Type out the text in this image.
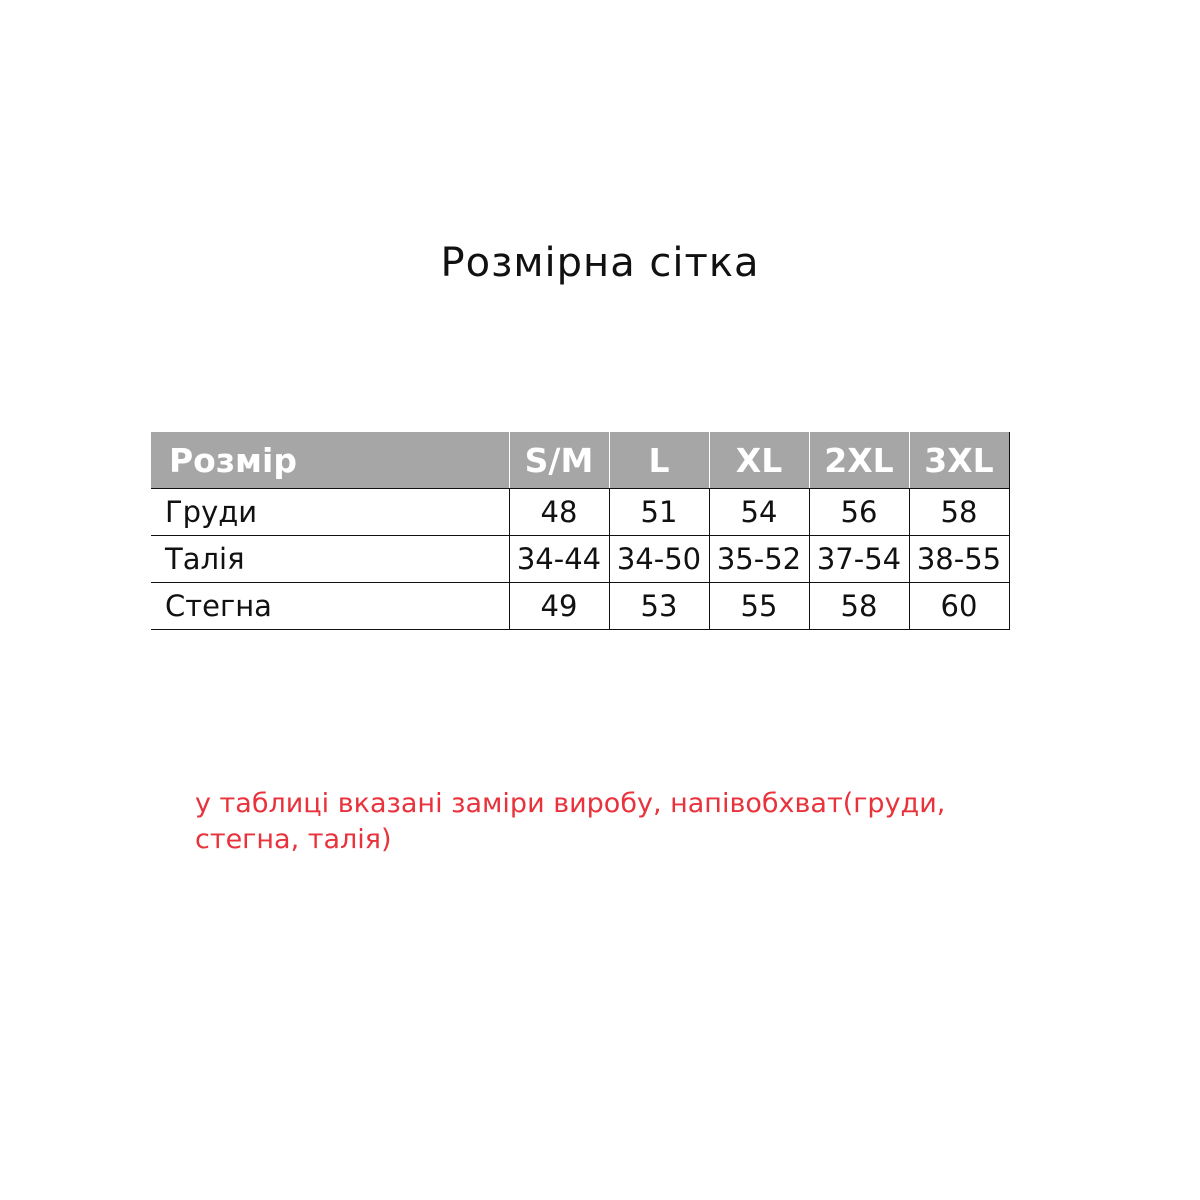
Розмірна сітка
Розмір	S/M	L	XL	2XL	3XL
Груди	48	51	54	56	58
Талія	34-44	34-50	35-52	37-54	38-55
Стегна	49	53	55	58	60
у таблиці вказані заміри виробу, напівобхват(груди,
стегна, талія)
